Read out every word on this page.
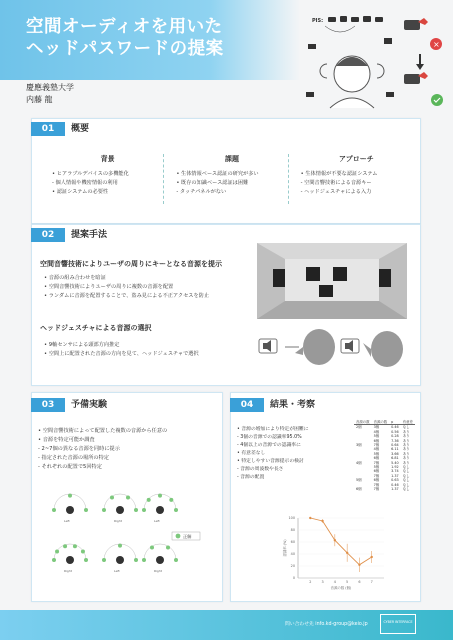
空間オーディオを用いた
ヘッドパスワードの提案
慶應義塾大学
内藤 龍
PIS:
×
01	概要
背景
• ヒアラブルデバイスの多機能化
- 個人情報や機密情報の利用
• 認証システムの必要性
課題
• 生体情報ベース認証の研究が多い
• 既存の知識ベース認証は困難
- タッチパネルがない
アプローチ
• 生体情報が不要な認証システム
- 空間音響技術による音源キー
- ヘッドジェスチャによる入力
02	提案手法
空間音響技術によりユーザの周りにキーとなる音源を提示
• 音源の組み合わせを暗証
• 空間音響技術によりユーザの周りに複数の音源を配置
• ランダムに音源を配置することで、盗み見による不正アクセスを防止
ヘッドジェスチャによる音源の選択
• 9軸センサによる頭部方向推定
• 空間上に配置された音源の方向を見て、ヘッドジェスチャで選択
03	予備実験
• 空間音響技術によって配置した複数の音源から任意の
• 音源を特定可能か調査
- 2~7個の異なる音源を同時に提示
- 指定された音源の場所の特定
- それぞれの配置で5回特定
正解
Left	Right	Left
Right	Left	Right
04	結果・考察
• 音源の増加により特定が困難に
- 3個の音源での認識率95.0%
- 4個以上の音源での認識率に
• 有意差なし
• 特定しやすい音源提示の検討
- 音源の周波数や長さ
- 音源の配置
音源の数	音源の数	p	有意差
2個	3個	0.46	なし
	4個	0.56	あり
	5個	0.28	あり
	6個	7.36	あり
3個	7個	0.64	あり
	4個	6.11	あり
	5個	3.66	あり
	6個	6.81	あり
4個	7個	5.40	あり
	5個	1.92	なし
	6個	3.74	なし
	7個	1.37	なし
5個	6個	0.63	なし
	7個	0.46	なし
6個	7個	1.37	なし
0
20
40
60
80
100
2	3	4	5	6	7
音源の数 (個)
認識率 (%)
問い合わせ先 info.kd-group@keio.jp	CYBER INTERFACE
